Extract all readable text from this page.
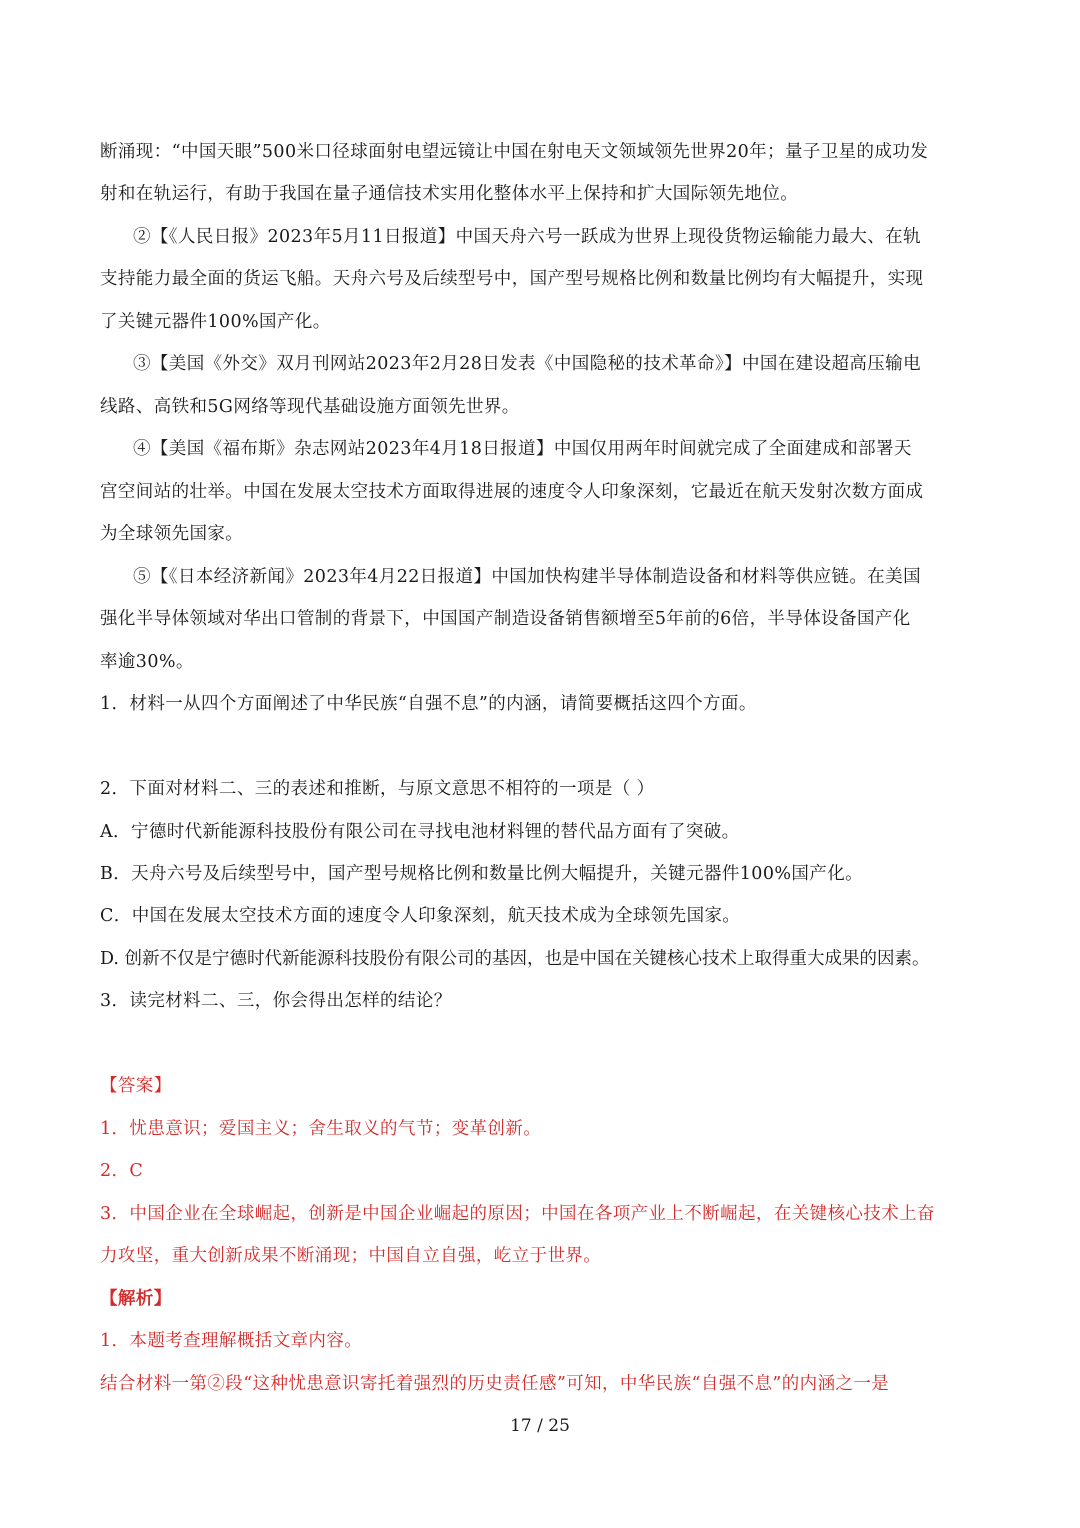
断涌现：“中国天眼”500米口径球面射电望远镜让中国在射电天文领域领先世界20年；量子卫星的成功发
射和在轨运行，有助于我国在量子通信技术实用化整体水平上保持和扩大国际领先地位。
②【《人民日报》2023年5月11日报道】中国天舟六号一跃成为世界上现役货物运输能力最大、在轨
支持能力最全面的货运飞船。天舟六号及后续型号中，国产型号规格比例和数量比例均有大幅提升，实现
了关键元器件100%国产化。
③【美国《外交》双月刊网站2023年2月28日发表《中国隐秘的技术革命》】中国在建设超高压输电
线路、高铁和5G网络等现代基础设施方面领先世界。
④【美国《福布斯》杂志网站2023年4月18日报道】中国仅用两年时间就完成了全面建成和部署天
宫空间站的壮举。中国在发展太空技术方面取得进展的速度令人印象深刻，它最近在航天发射次数方面成
为全球领先国家。
⑤【《日本经济新闻》2023年4月22日报道】中国加快构建半导体制造设备和材料等供应链。在美国
强化半导体领域对华出口管制的背景下，中国国产制造设备销售额增至5年前的6倍，半导体设备国产化
率逾30%。
1．材料一从四个方面阐述了中华民族“自强不息”的内涵，请简要概括这四个方面。
2．下面对材料二、三的表述和推断，与原文意思不相符的一项是（ ）
A．宁德时代新能源科技股份有限公司在寻找电池材料锂的替代品方面有了突破。
B．天舟六号及后续型号中，国产型号规格比例和数量比例大幅提升，关键元器件100%国产化。
C．中国在发展太空技术方面的速度令人印象深刻，航天技术成为全球领先国家。
D. 创新不仅是宁德时代新能源科技股份有限公司的基因，也是中国在关键核心技术上取得重大成果的因素。
3．读完材料二、三，你会得出怎样的结论？
【答案】
1．忧患意识；爱国主义；舍生取义的气节；变革创新。
2．C
3．中国企业在全球崛起，创新是中国企业崛起的原因；中国在各项产业上不断崛起，在关键核心技术上奋
力攻坚，重大创新成果不断涌现；中国自立自强，屹立于世界。
【解析】
1．本题考查理解概括文章内容。
结合材料一第②段“这种忧患意识寄托着强烈的历史责任感”可知，中华民族“自强不息”的内涵之一是
17 / 25
